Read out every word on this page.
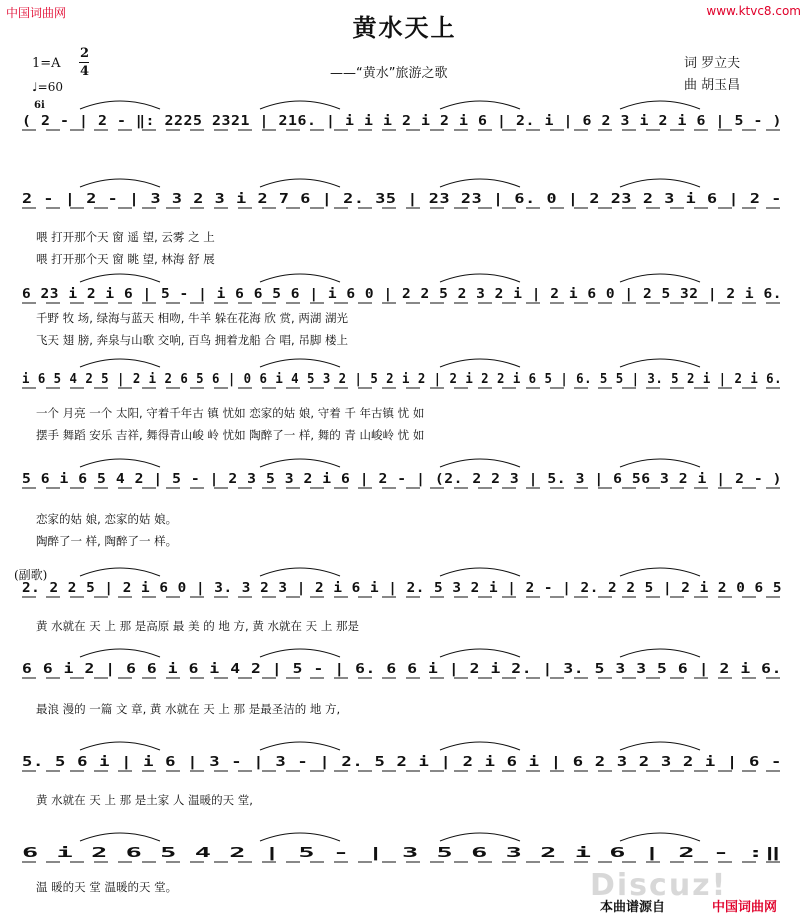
中国词曲网	www.ktvc8.com
黄水天上
——“黄水”旅游之歌
词 罗立夫
曲 胡玉昌
1=A
2
4
♩=60
6i
(副歌)
( 2 - | 2 - ‖: 2225 2321 | 216. | i i i 2 i 2 i 6 | 2. i | 6 2 3 i 2 i 6 | 5 - )
2 - | 2 - | 3 3 2 3 i 2 7 6 | 2. 35 | 23 23 | 6. 0 | 2 23 2 3 i 6 | 2 -
喂 打开那个天 窗 遥 望, 云雾 之 上
喂 打开那个天 窗 眺 望, 林海 舒 展
6 23 i 2 i 6 | 5 - | i 6 6 5 6 | i 6 0 | 2 2 5 2 3 2 i | 2 i 6 0 | 2 5 32 | 2 i 6.
千野 牧 场, 绿海与蓝天 相吻, 牛羊 躲在花海 欣 赏, 两湖 湖光
飞天 翅 膀, 奔泉与山歌 交响, 百鸟 拥着龙船 合 唱, 吊脚 楼上
i 6 5 4 2 5 | 2 i 2 6 5 6 | 0 6 i 4 5 3 2 | 5 2 i 2 | 2 i 2 2 i 6 5 | 6. 5 5 | 3. 5 2 i | 2 i 6.
一个 月亮 一个 太阳, 守着千年古 镇 忧如 恋家的姑 娘, 守着 千 年古镇 忧 如
摆手 舞蹈 安乐 吉祥, 舞得青山峻 岭 忧如 陶醉了一 样, 舞的 青 山峻岭 忧 如
5 6 i 6 5 4 2 | 5 - | 2 3 5 3 2 i 6 | 2 - | (2. 2 2 3 | 5. 3 | 6 56 3 2 i | 2 - )
恋家的姑 娘, 恋家的姑 娘。
陶醉了一 样, 陶醉了一 样。
2. 2 2 5 | 2 i 6 0 | 3. 3 2 3 | 2 i 6 i | 2. 5 3 2 i | 2 - | 2. 2 2 5 | 2 i 2 0 6 5
黄 水就在 天 上 那 是高原 最 美 的 地 方, 黄 水就在 天 上 那是
6 6 i 2 | 6 6 i 6 i 4 2 | 5 - | 6. 6 6 i | 2 i 2. | 3. 5 3 3 5 6 | 2 i 6.
最浪 漫的 一篇 文 章, 黄 水就在 天 上 那 是最圣洁的 地 方,
5. 5 6 i | i 6 | 3 - | 3 - | 2. 5 2 i | 2 i 6 i | 6 2 3 2 3 2 i | 6 -
黄 水就在 天 上 那 是土家 人 温暖的天 堂,
6 i 2 6 5 4 2 | 5 - | 3 5 6 3 2 i 6 | 2 - :‖
温 暖的天 堂 温暖的天 堂。	Discuz!
本曲谱源自	中国词曲网
